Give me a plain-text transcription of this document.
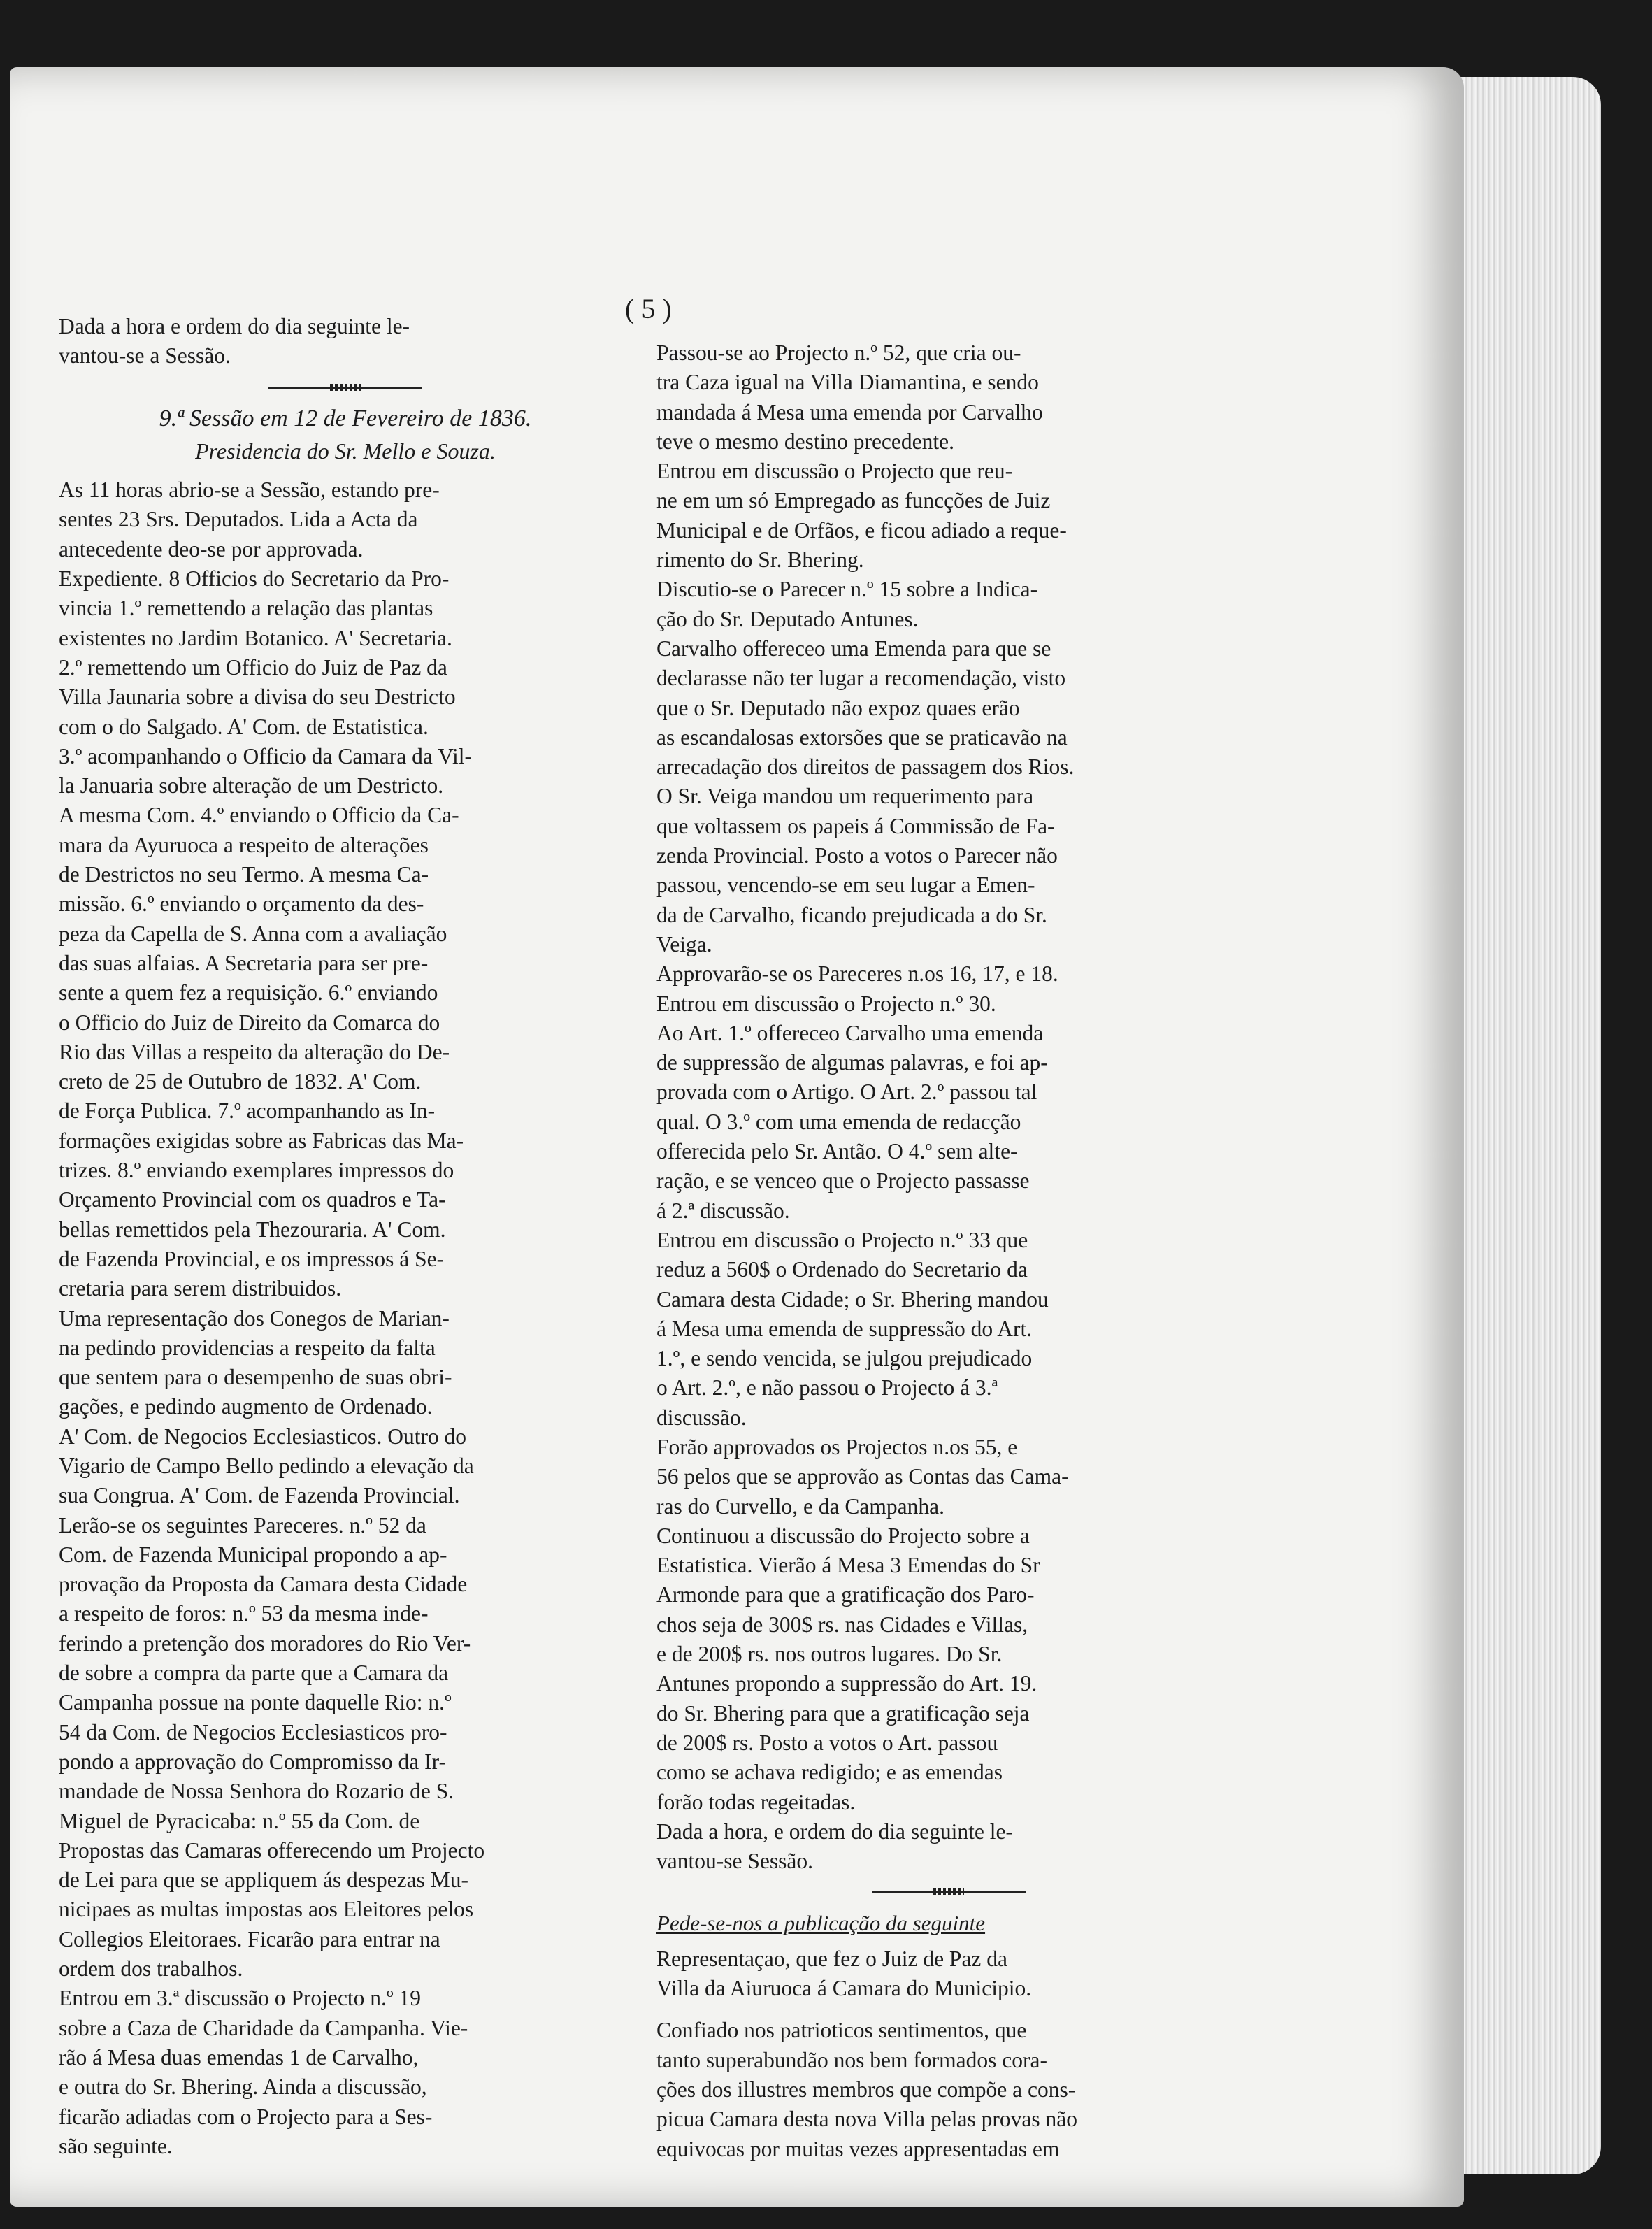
( 5 )

Dada a hora e ordem do dia seguinte le-
vantou-se a Sessão.

9.ª Sessão em 12 de Fevereiro de 1836.
Presidencia do Sr. Mello e Souza.
As 11 horas abrio-se a Sessão, estando pre-
sentes 23 Srs. Deputados. Lida a Acta da
antecedente deo-se por approvada.
Expediente. 8 Officios do Secretario da Pro-
vincia 1.º remettendo a relação das plantas
existentes no Jardim Botanico. A' Secretaria.
2.º remettendo um Officio do Juiz de Paz da
Villa Jaunaria sobre a divisa do seu Destricto
com o do Salgado. A' Com. de Estatistica.
3.º acompanhando o Officio da Camara da Vil-
la Januaria sobre alteração de um Destricto.
A mesma Com. 4.º enviando o Officio da Ca-
mara da Ayuruoca a respeito de alterações
de Destrictos no seu Termo. A mesma Ca-
missão. 6.º enviando o orçamento da des-
peza da Capella de S. Anna com a avaliação
das suas alfaias. A Secretaria para ser pre-
sente a quem fez a requisição. 6.º enviando
o Officio do Juiz de Direito da Comarca do
Rio das Villas a respeito da alteração do De-
creto de 25 de Outubro de 1832. A' Com.
de Força Publica. 7.º acompanhando as In-
formações exigidas sobre as Fabricas das Ma-
trizes. 8.º enviando exemplares impressos do
Orçamento Provincial com os quadros e Ta-
bellas remettidos pela Thezouraria. A' Com.
de Fazenda Provincial, e os impressos á Se-
cretaria para serem distribuidos.
Uma representação dos Conegos de Marian-
na pedindo providencias a respeito da falta
que sentem para o desempenho de suas obri-
gações, e pedindo augmento de Ordenado.
A' Com. de Negocios Ecclesiasticos. Outro do
Vigario de Campo Bello pedindo a elevação da
sua Congrua. A' Com. de Fazenda Provincial.
Lerão-se os seguintes Pareceres. n.º 52 da
Com. de Fazenda Municipal propondo a ap-
provação da Proposta da Camara desta Cidade
a respeito de foros: n.º 53 da mesma inde-
ferindo a pretenção dos moradores do Rio Ver-
de sobre a compra da parte que a Camara da
Campanha possue na ponte daquelle Rio: n.º
54 da Com. de Negocios Ecclesiasticos pro-
pondo a approvação do Compromisso da Ir-
mandade de Nossa Senhora do Rozario de S.
Miguel de Pyracicaba: n.º 55 da Com. de
Propostas das Camaras offerecendo um Projecto
de Lei para que se appliquem ás despezas Mu-
nicipaes as multas impostas aos Eleitores pelos
Collegios Eleitoraes. Ficarão para entrar na
ordem dos trabalhos.
Entrou em 3.ª discussão o Projecto n.º 19
sobre a Caza de Charidade da Campanha. Vie-
rão á Mesa duas emendas 1 de Carvalho,
e outra do Sr. Bhering. Ainda a discussão,
ficarão adiadas com o Projecto para a Ses-
são seguinte.
Passou-se ao Projecto n.º 52, que cria ou-
tra Caza igual na Villa Diamantina, e sendo
mandada á Mesa uma emenda por Carvalho
teve o mesmo destino precedente.
Entrou em discussão o Projecto que reu-
ne em um só Empregado as funcções de Juiz
Municipal e de Orfãos, e ficou adiado a reque-
rimento do Sr. Bhering.
Discutio-se o Parecer n.º 15 sobre a Indica-
ção do Sr. Deputado Antunes.
Carvalho offereceo uma Emenda para que se
declarasse não ter lugar a recomendação, visto
que o Sr. Deputado não expoz quaes erão
as escandalosas extorsões que se praticavão na
arrecadação dos direitos de passagem dos Rios.
O Sr. Veiga mandou um requerimento para
que voltassem os papeis á Commissão de Fa-
zenda Provincial. Posto a votos o Parecer não
passou, vencendo-se em seu lugar a Emen-
da de Carvalho, ficando prejudicada a do Sr.
Veiga.
Approvarão-se os Pareceres n.os 16, 17, e 18.
Entrou em discussão o Projecto n.º 30.
Ao Art. 1.º offereceo Carvalho uma emenda
de suppressão de algumas palavras, e foi ap-
provada com o Artigo. O Art. 2.º passou tal
qual. O 3.º com uma emenda de redacção
offerecida pelo Sr. Antão. O 4.º sem alte-
ração, e se venceo que o Projecto passasse
á 2.ª discussão.
Entrou em discussão o Projecto n.º 33 que
reduz a 560$ o Ordenado do Secretario da
Camara desta Cidade; o Sr. Bhering mandou
á Mesa uma emenda de suppressão do Art.
1.º, e sendo vencida, se julgou prejudicado
o Art. 2.º, e não passou o Projecto á 3.ª
discussão.
Forão approvados os Projectos n.os 55, e
56 pelos que se approvão as Contas das Cama-
ras do Curvello, e da Campanha.
Continuou a discussão do Projecto sobre a
Estatistica. Vierão á Mesa 3 Emendas do Sr
Armonde para que a gratificação dos Paro-
chos seja de 300$ rs. nas Cidades e Villas,
e de 200$ rs. nos outros lugares. Do Sr.
Antunes propondo a suppressão do Art. 19.
do Sr. Bhering para que a gratificação seja
de 200$ rs. Posto a votos o Art. passou
como se achava redigido; e as emendas
forão todas regeitadas.
Dada a hora, e ordem do dia seguinte le-
vantou-se Sessão.
Pede-se-nos a publicação da seguinte
Representaçao, que fez o Juiz de Paz da
Villa da Aiuruoca á Camara do Municipio.
Confiado nos patrioticos sentimentos, que
tanto superabundão nos bem formados cora-
ções dos illustres membros que compõe a cons-
picua Camara desta nova Villa pelas provas não
equivocas por muitas vezes appresentadas em
